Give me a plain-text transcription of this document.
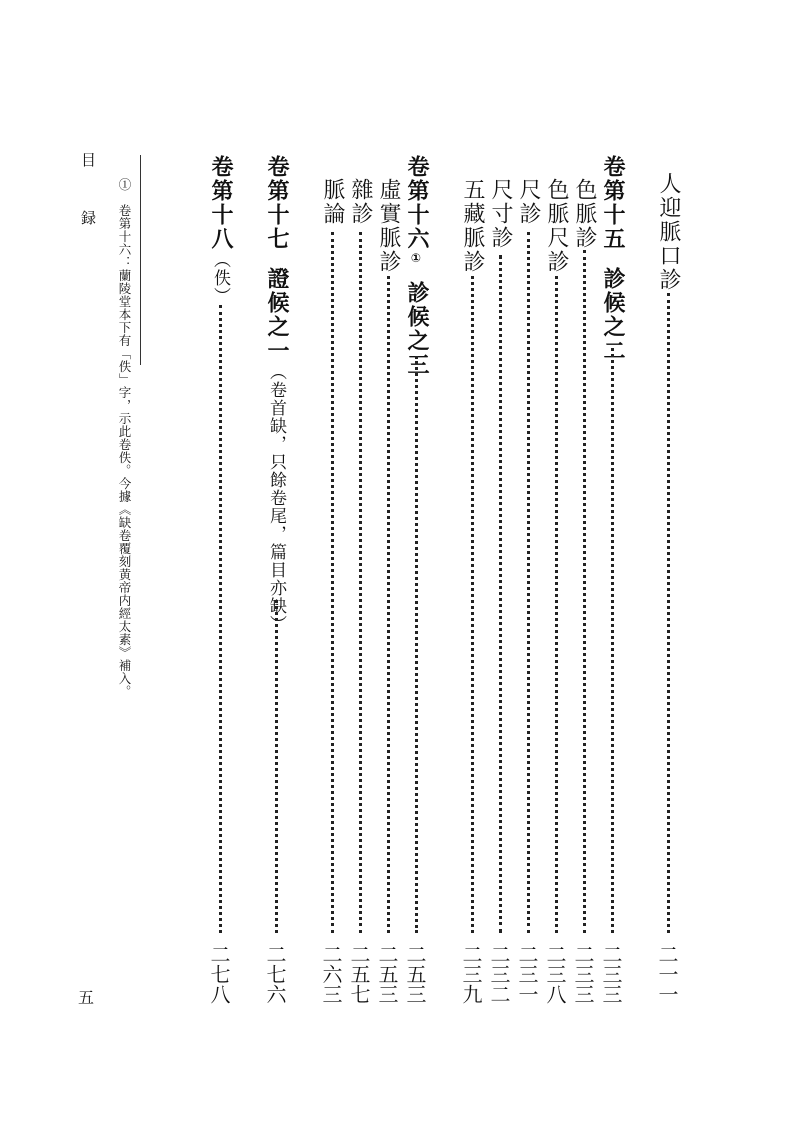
目　録 ①　卷第十六：蘭陵堂本下有「佚」字，示此卷佚。今據《缺卷覆刻黄帝内經太素》補入。	人迎脈口診
二一一
卷第十五診候之二
二三三
色脈診
二三三
色脈尺診
二三八
尺診
二三一
尺寸診
二三二
五藏脈診
二三九
卷第十六①診候之三
二五三
虛實脈診
二五三
雜診
二五七
脈論
二六三
卷第十七證候之一（卷首缺，只餘卷尾，篇目亦缺）
二七六
卷第十八（佚）
二七八
五
